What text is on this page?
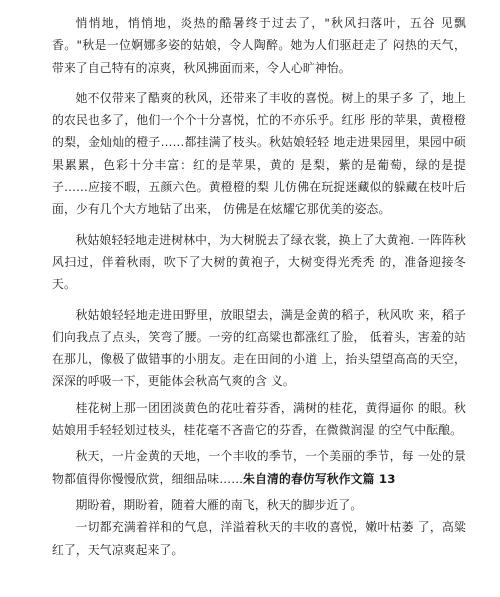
悄悄地，悄悄地，炎热的酷暑终于过去了，"秋风扫落叶，五谷 见飘香。"秋是一位婀娜多姿的姑娘，令人陶醉。她为人们驱赶走了 闷热的天气，带来了自己特有的凉爽，秋风拂面而来，令人心旷神怡。

她不仅带来了酷爽的秋风，还带来了丰收的喜悦。树上的果子多 了，地上的农民也多了，他们一个个十分喜悦，忙的不亦乐乎。红彤 彤的苹果，黄橙橙的梨，金灿灿的橙子……都挂满了枝头。秋姑娘轻轻 地走进果园里，果园中硕果累累，色彩十分丰富：红的是苹果，黄的 是梨，紫的是葡萄，绿的是提子……应接不暇，五颜六色。黄橙橙的梨 儿仿佛在玩捉迷藏似的躲藏在枝叶后面，少有几个大方地钻了出来， 仿佛是在炫耀它那优美的姿态。

秋姑娘轻轻地走进树林中，为大树脱去了绿衣裳，换上了大黄袍. 一阵阵秋风扫过，伴着秋雨，吹下了大树的黄袍子，大树变得光秃秃 的，准备迎接冬天。

秋姑娘轻轻地走进田野里，放眼望去，满是金黄的稻子，秋风吹 来，稻子们向我点了点头，笑弯了腰。一旁的红高粱也都涨红了脸， 低着头，害羞的站在那儿，像极了做错事的小朋友。走在田间的小道 上，抬头望望高高的天空，深深的呼吸一下，更能体会秋高气爽的含 义。

桂花树上那一团团淡黄色的花吐着芬香，满树的桂花，黄得逼你 的眼。秋姑娘用手轻轻划过枝头，桂花毫不吝啬它的芬香，在微微润湿 的空气中酝酿。

秋天，一片金黄的天地，一个丰收的季节，一个美丽的季节，每 一处的景物都值得你慢慢欣赏，细细品味……朱自清的春仿写秋作文篇 13

期盼着，期盼着，随着大雁的南飞，秋天的脚步近了。

一切都充满着祥和的气息，洋溢着秋天的丰收的喜悦，嫩叶枯萎 了，高粱红了，天气凉爽起来了。
